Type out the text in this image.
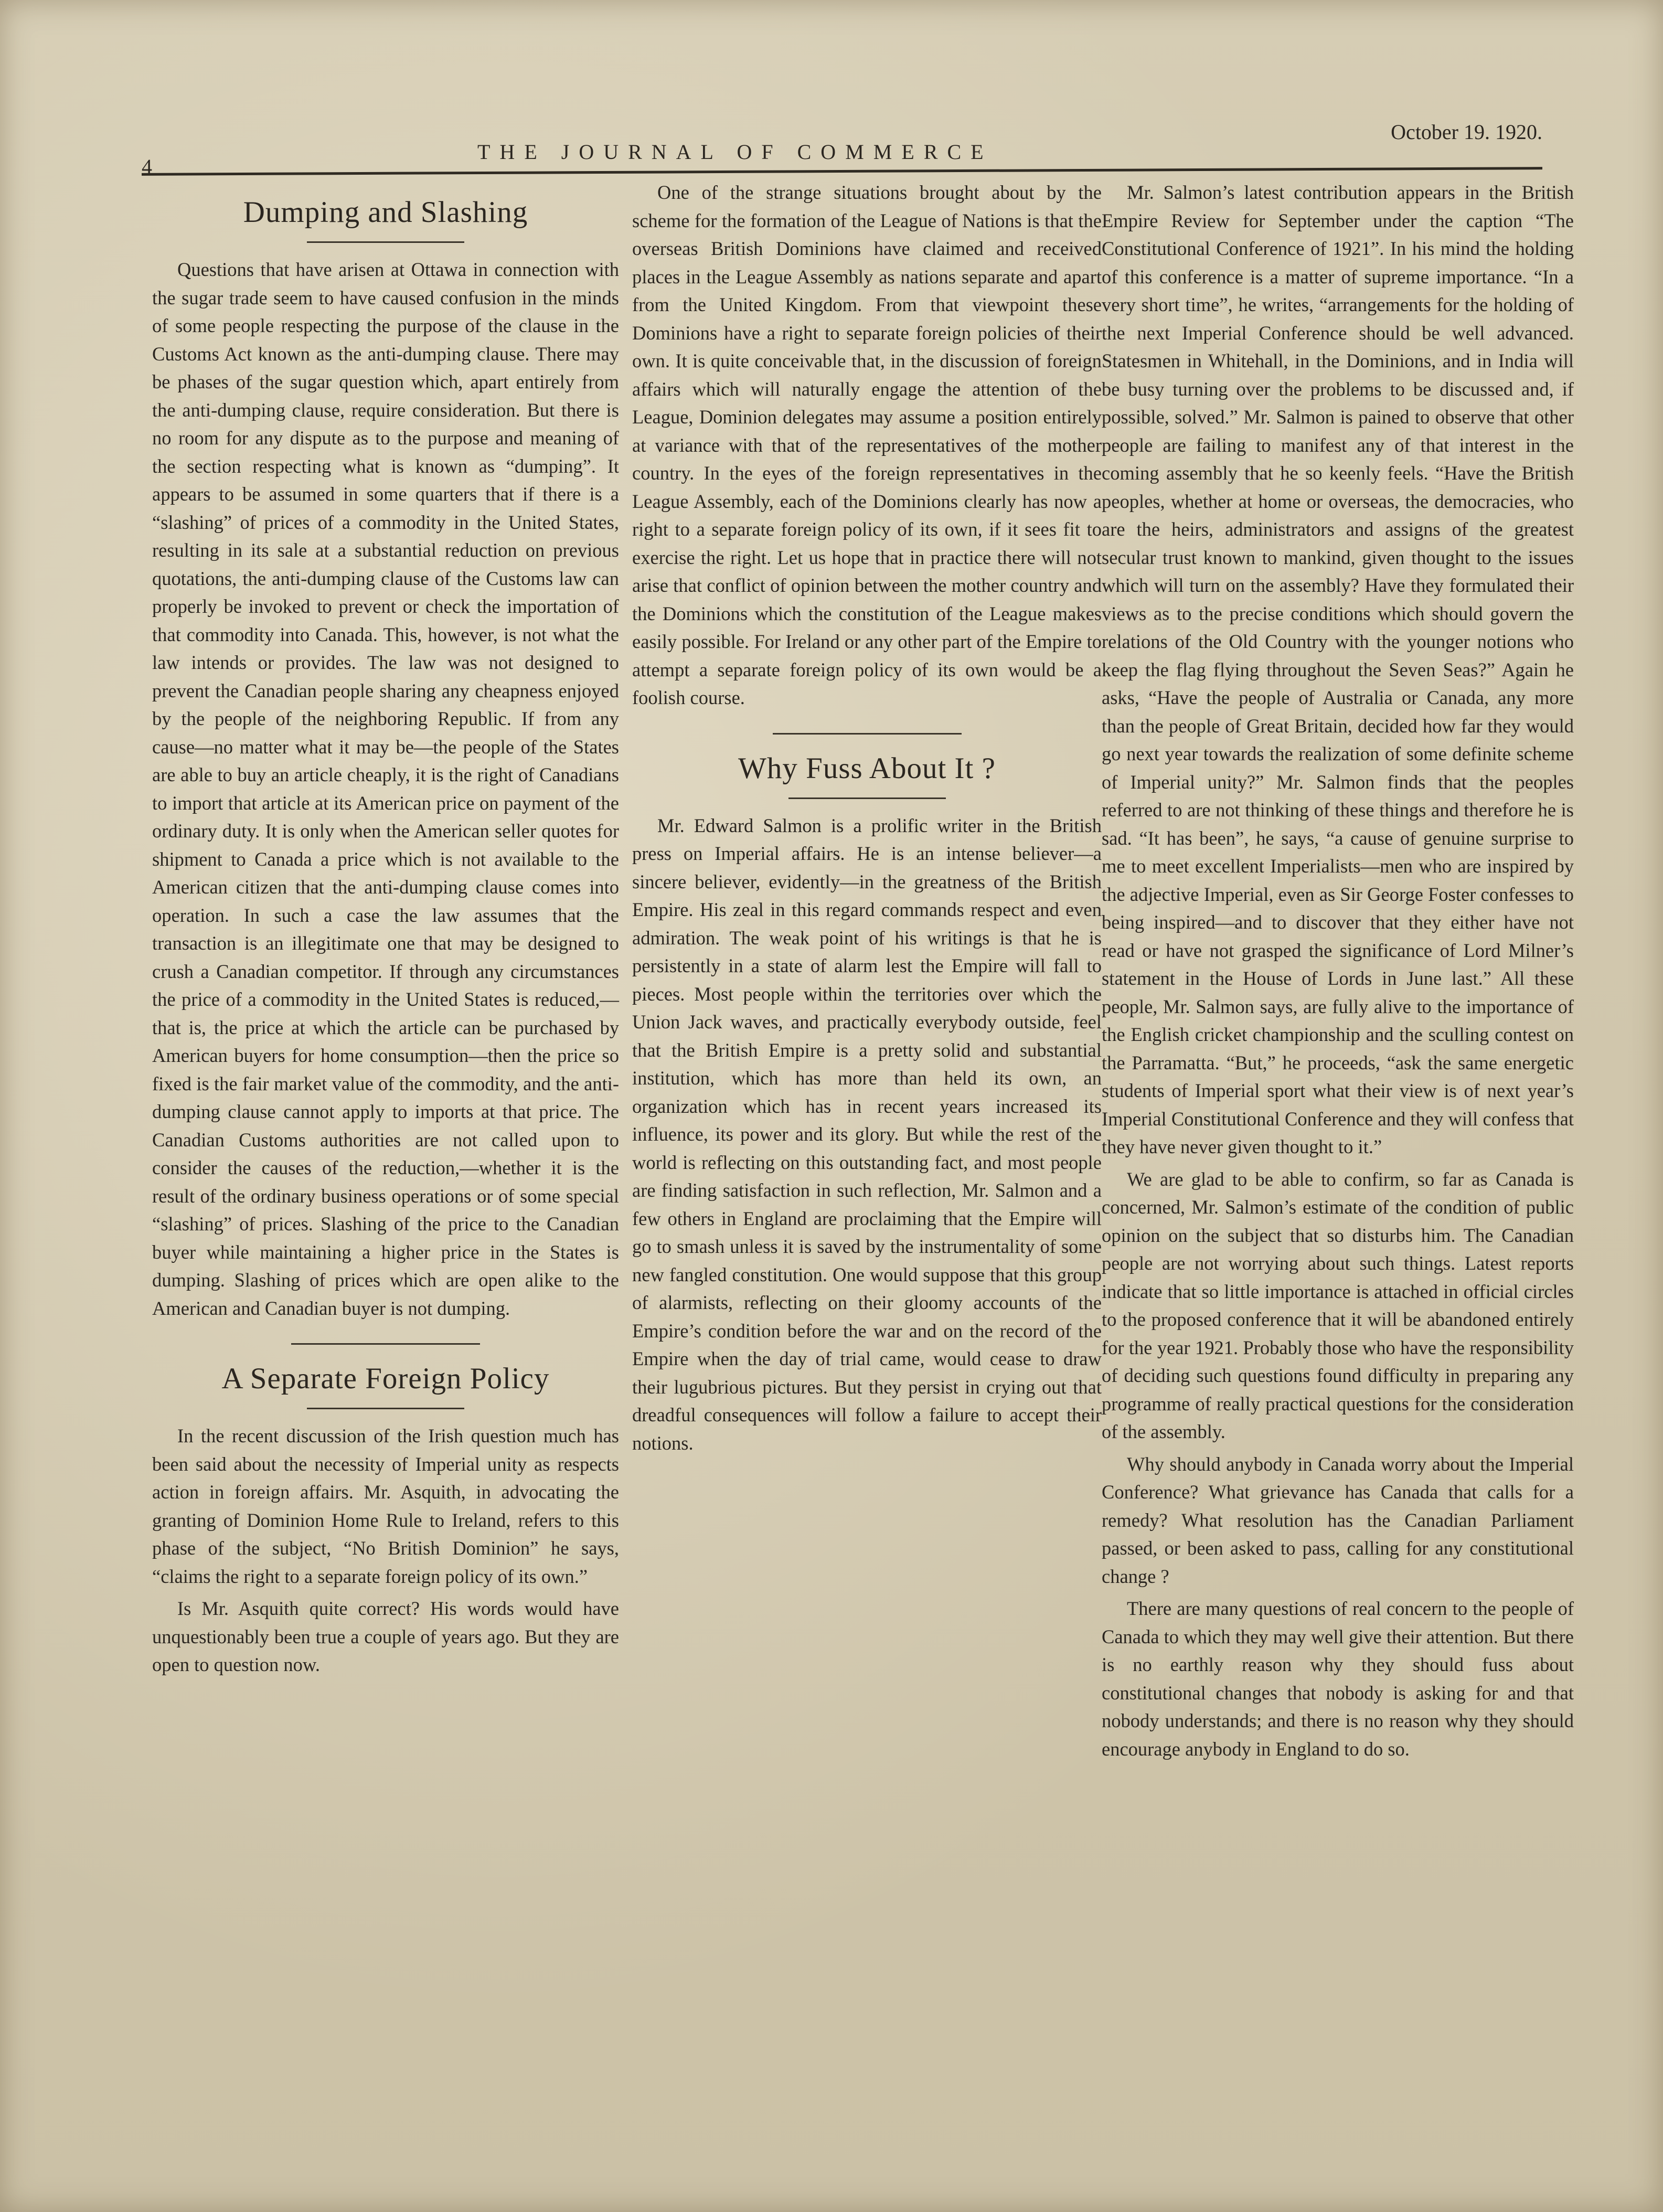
4
THE JOURNAL OF COMMERCE
October 19. 1920.
Dumping and Slashing

Questions that have arisen at Ottawa in connection with the sugar trade seem to have caused confusion in the minds of some people respecting the purpose of the clause in the Customs Act known as the anti-dumping clause. There may be phases of the sugar question which, apart entirely from the anti-dumping clause, require consideration. But there is no room for any dispute as to the purpose and meaning of the section respecting what is known as “dumping”. It appears to be assumed in some quarters that if there is a “slashing” of prices of a commodity in the United States, resulting in its sale at a substantial reduction on previous quotations, the anti-dumping clause of the Customs law can properly be invoked to prevent or check the importation of that commodity into Canada. This, however, is not what the law intends or provides. The law was not designed to prevent the Canadian people sharing any cheapness enjoyed by the people of the neighboring Republic. If from any cause—no matter what it may be—the people of the States are able to buy an article cheaply, it is the right of Canadians to import that article at its American price on payment of the ordinary duty. It is only when the American seller quotes for shipment to Canada a price which is not available to the American citizen that the anti-dumping clause comes into operation. In such a case the law assumes that the transaction is an illegitimate one that may be designed to crush a Canadian competitor. If through any circumstances the price of a commodity in the United States is reduced,—that is, the price at which the article can be purchased by American buyers for home consumption—then the price so fixed is the fair market value of the commodity, and the anti-dumping clause cannot apply to imports at that price. The Canadian Customs authorities are not called upon to consider the causes of the reduction,—whether it is the result of the ordinary business operations or of some special “slashing” of prices. Slashing of the price to the Canadian buyer while maintaining a higher price in the States is dumping. Slashing of prices which are open alike to the American and Canadian buyer is not dumping.

A Separate Foreign Policy

In the recent discussion of the Irish question much has been said about the necessity of Imperial unity as respects action in foreign affairs. Mr. Asquith, in advocating the granting of Dominion Home Rule to Ireland, refers to this phase of the subject, “No British Dominion” he says, “claims the right to a separate foreign policy of its own.”

Is Mr. Asquith quite correct? His words would have unquestionably been true a couple of years ago. But they are open to question now.

One of the strange situations brought about by the scheme for the formation of the League of Nations is that the overseas British Dominions have claimed and received places in the League Assembly as nations separate and apart from the United Kingdom. From that viewpoint these Dominions have a right to separate foreign policies of their own. It is quite conceivable that, in the discussion of foreign affairs which will naturally engage the attention of the League, Dominion delegates may assume a position entirely at variance with that of the representatives of the mother country. In the eyes of the foreign representatives in the League Assembly, each of the Dominions clearly has now a right to a separate foreign policy of its own, if it sees fit to exercise the right. Let us hope that in practice there will not arise that conflict of opinion between the mother country and the Dominions which the constitution of the League makes easily possible. For Ireland or any other part of the Empire to attempt a separate foreign policy of its own would be a foolish course.

Why Fuss About It ?

Mr. Edward Salmon is a prolific writer in the British press on Imperial affairs. He is an intense believer—a sincere believer, evidently—in the greatness of the British Empire. His zeal in this regard commands respect and even admiration. The weak point of his writings is that he is persistently in a state of alarm lest the Empire will fall to pieces. Most people within the territories over which the Union Jack waves, and practically everybody outside, feel that the British Empire is a pretty solid and substantial institution, which has more than held its own, an organization which has in recent years increased its influence, its power and its glory. But while the rest of the world is reflecting on this outstanding fact, and most people are finding satisfaction in such reflection, Mr. Salmon and a few others in England are proclaiming that the Empire will go to smash unless it is saved by the instrumentality of some new fangled constitution. One would suppose that this group of alarmists, reflecting on their gloomy accounts of the Empire’s condition before the war and on the record of the Empire when the day of trial came, would cease to draw their lugubrious pictures. But they persist in crying out that dreadful consequences will follow a failure to accept their notions.

Mr. Salmon’s latest contribution appears in the British Empire Review for September under the caption “The Constitutional Conference of 1921”. In his mind the holding of this conference is a matter of supreme importance. “In a very short time”, he writes, “arrangements for the holding of the next Imperial Conference should be well advanced. Statesmen in Whitehall, in the Dominions, and in India will be busy turning over the problems to be discussed and, if possible, solved.” Mr. Salmon is pained to observe that other people are failing to manifest any of that interest in the coming assembly that he so keenly feels. “Have the British peoples, whether at home or overseas, the democracies, who are the heirs, administrators and assigns of the greatest secular trust known to mankind, given thought to the issues which will turn on the assembly? Have they formulated their views as to the precise conditions which should govern the relations of the Old Country with the younger notions who keep the flag flying throughout the Seven Seas?” Again he asks, “Have the people of Australia or Canada, any more than the people of Great Britain, decided how far they would go next year towards the realization of some definite scheme of Imperial unity?” Mr. Salmon finds that the peoples referred to are not thinking of these things and therefore he is sad. “It has been”, he says, “a cause of genuine surprise to me to meet excellent Imperialists—men who are inspired by the adjective Imperial, even as Sir George Foster confesses to being inspired—and to discover that they either have not read or have not grasped the significance of Lord Milner’s statement in the House of Lords in June last.” All these people, Mr. Salmon says, are fully alive to the importance of the English cricket championship and the sculling contest on the Parramatta. “But,” he proceeds, “ask the same energetic students of Imperial sport what their view is of next year’s Imperial Constitutional Conference and they will confess that they have never given thought to it.”

We are glad to be able to confirm, so far as Canada is concerned, Mr. Salmon’s estimate of the condition of public opinion on the subject that so disturbs him. The Canadian people are not worrying about such things. Latest reports indicate that so little importance is attached in official circles to the proposed conference that it will be abandoned entirely for the year 1921. Probably those who have the responsibility of deciding such questions found difficulty in preparing any programme of really practical questions for the consideration of the assembly.

Why should anybody in Canada worry about the Imperial Conference? What grievance has Canada that calls for a remedy? What resolution has the Canadian Parliament passed, or been asked to pass, calling for any constitutional change ?

There are many questions of real concern to the people of Canada to which they may well give their attention. But there is no earthly reason why they should fuss about constitutional changes that nobody is asking for and that nobody understands; and there is no reason why they should encourage anybody in England to do so.
